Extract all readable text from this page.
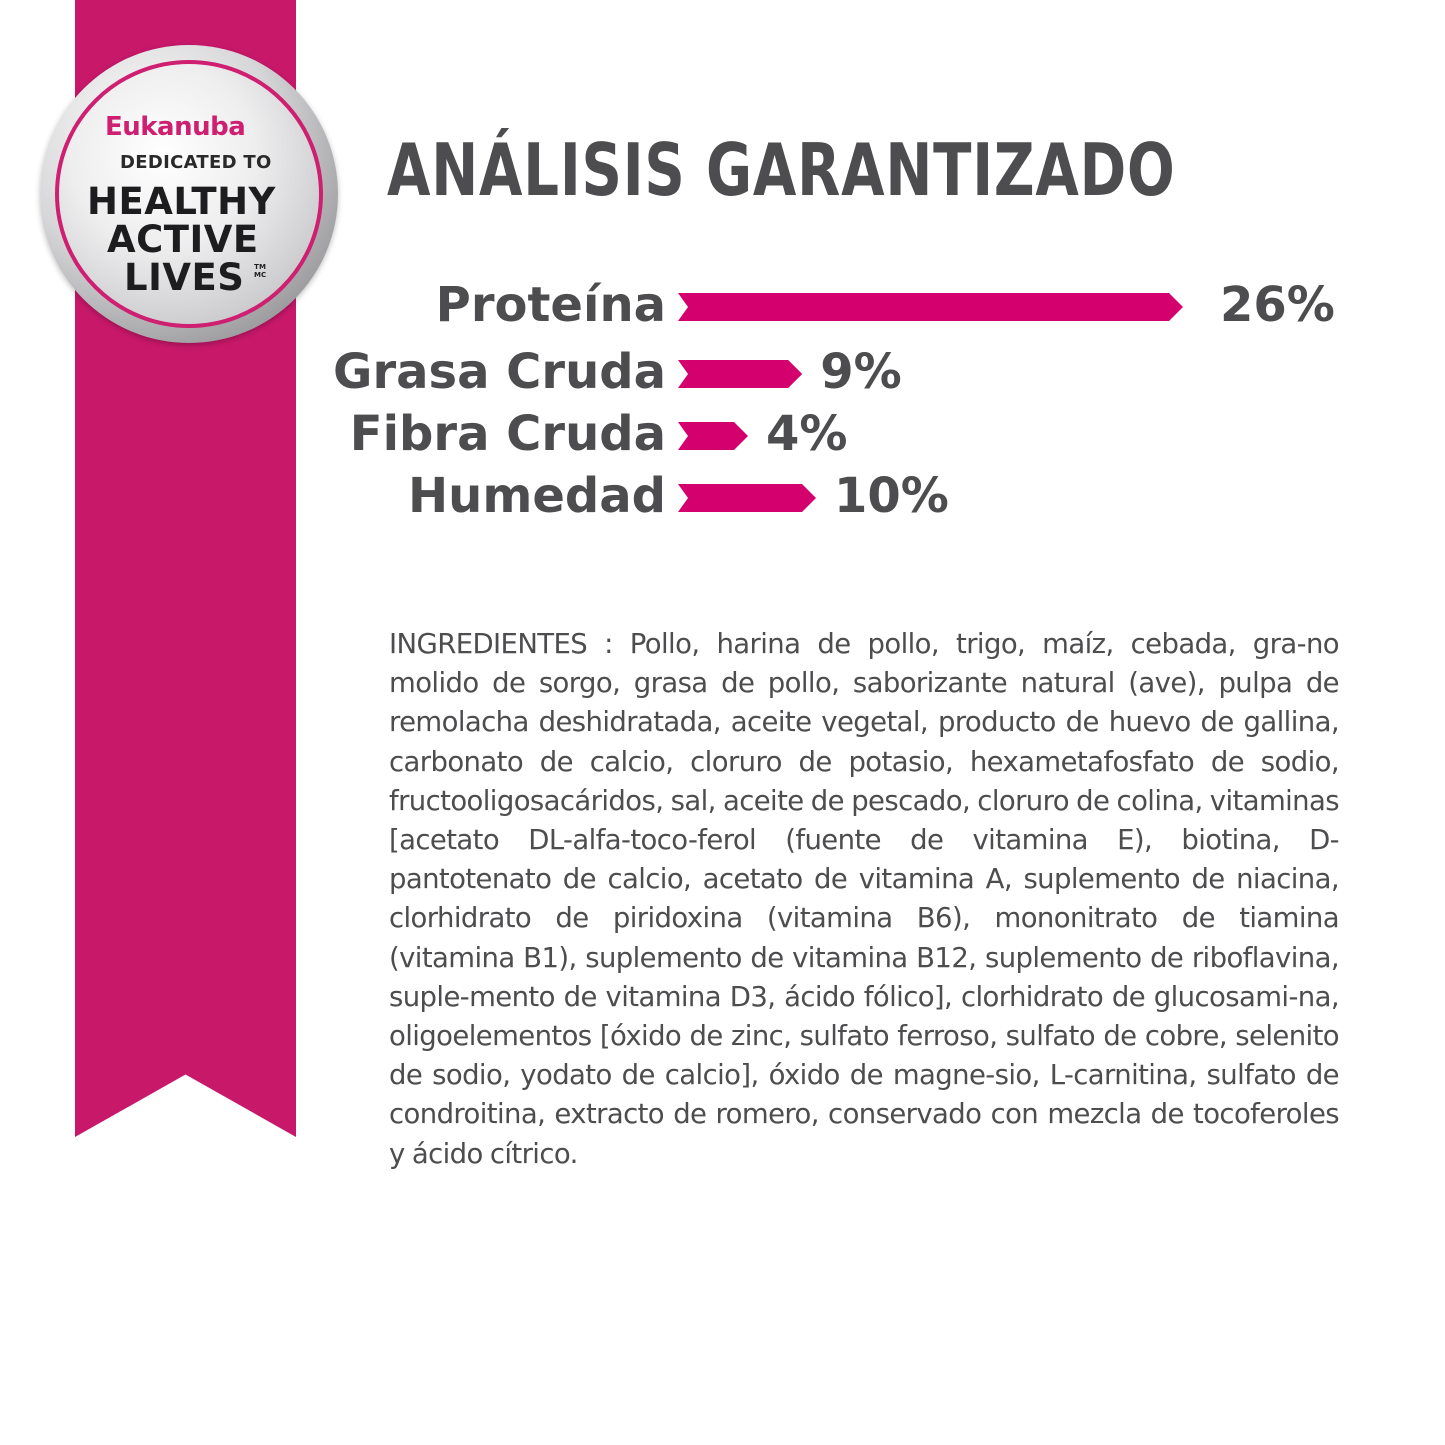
Eukanuba
DEDICATED TO
HEALTHY
ACTIVE
LIVES TM
MC
ANÁLISIS GARANTIZADO
Proteína	26%
Grasa Cruda	9%
Fibra Cruda 4%
Humedad	10%
INGREDIENTES : Pollo, harina de pollo, trigo, maíz, cebada, gra-no molido de sorgo, grasa de pollo, saborizante natural (ave), pulpa de remolacha deshidratada, aceite vegetal, producto de huevo de gallina, carbonato de calcio, cloruro de potasio, hexametafosfato de sodio, fructooligosacáridos, sal, aceite de pescado, cloruro de colina, vitaminas [acetato DL-alfa-toco-ferol (fuente de vitamina E), biotina, D-pantotenato de calcio, acetato de vitamina A, suplemento de niacina, clorhidrato de piridoxina (vitamina B6), mononitrato de tiamina (vitamina B1), suplemento de vitamina B12, suplemento de riboflavina, suple-mento de vitamina D3, ácido fólico], clorhidrato de glucosami-na, oligoelementos [óxido de zinc, sulfato ferroso, sulfato de cobre, selenito de sodio, yodato de calcio], óxido de magne-sio, L-carnitina, sulfato de condroitina, extracto de romero, conservado con mezcla de tocoferoles y ácido cítrico.
